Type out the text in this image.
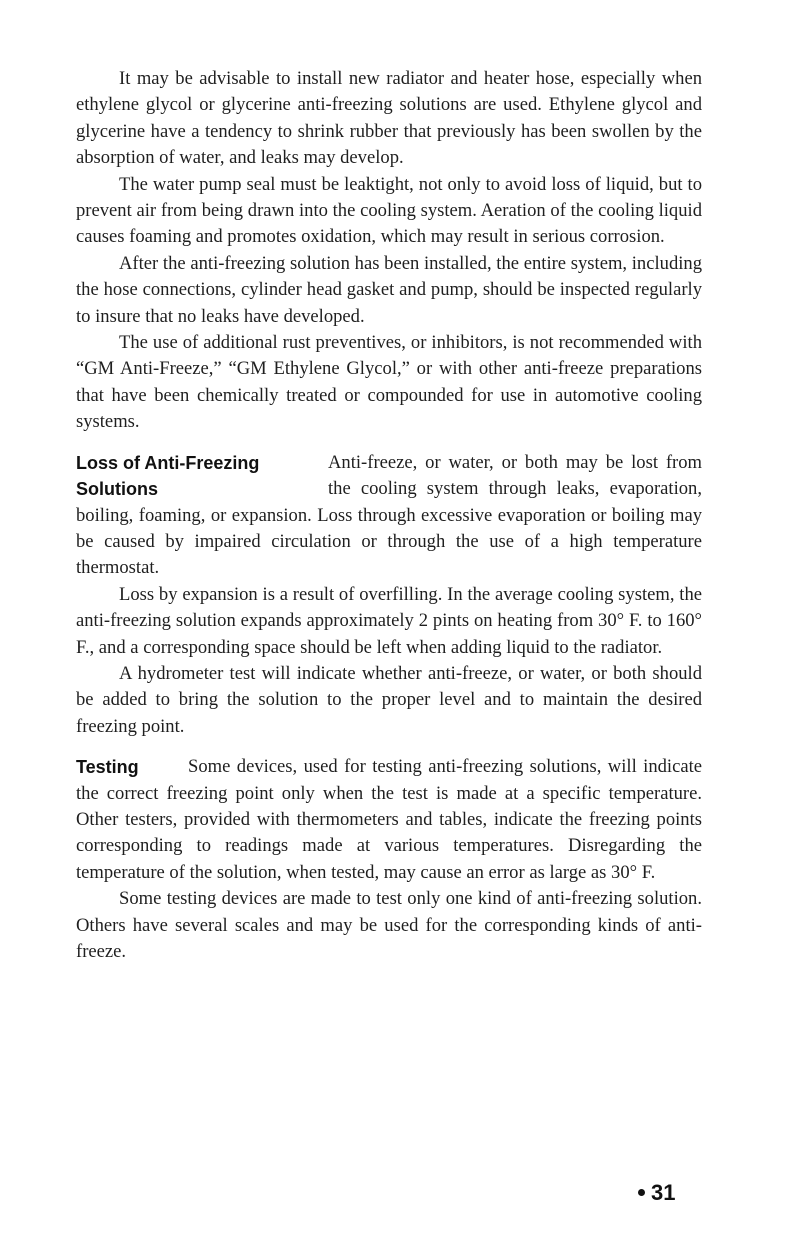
It may be advisable to install new radiator and heater hose, especially when ethylene glycol or glycerine anti-freezing solutions are used. Ethylene glycol and glycerine have a tendency to shrink rubber that previously has been swollen by the absorption of water, and leaks may develop.

The water pump seal must be leaktight, not only to avoid loss of liquid, but to prevent air from being drawn into the cooling system. Aeration of the cooling liquid causes foaming and promotes oxidation, which may result in serious corrosion.

After the anti-freezing solution has been installed, the entire system, including the hose connections, cylinder head gasket and pump, should be inspected regularly to insure that no leaks have developed.

The use of additional rust preventives, or inhibitors, is not recommended with “GM Anti-Freeze,” “GM Ethylene Glycol,” or with other anti-freeze preparations that have been chemically treated or compounded for use in automotive cooling systems.

Loss of Anti-Freezing
Solutions

Anti-freeze, or water, or both may be lost from the cooling system through leaks, evaporation, boiling, foaming, or expansion. Loss through excessive evaporation or boiling may be caused by impaired circulation or through the use of a high temperature thermostat.

Loss by expansion is a result of overfilling. In the average cooling system, the anti-freezing solution expands approximately 2 pints on heating from 30° F. to 160° F., and a corresponding space should be left when adding liquid to the radiator.

A hydrometer test will indicate whether anti-freeze, or water, or both should be added to bring the solution to the proper level and to maintain the desired freezing point.

Testing	Some devices, used for testing anti-freezing solutions, will indicate the correct freezing point only when the test is made at a specific temperature. Other testers, provided with thermometers and tables, indicate the freezing points corresponding to readings made at various temperatures. Disregarding the temperature of the solution, when tested, may cause an error as large as 30° F.

Some testing devices are made to test only one kind of anti-freezing solution. Others have several scales and may be used for the corresponding kinds of anti-freeze.

31
